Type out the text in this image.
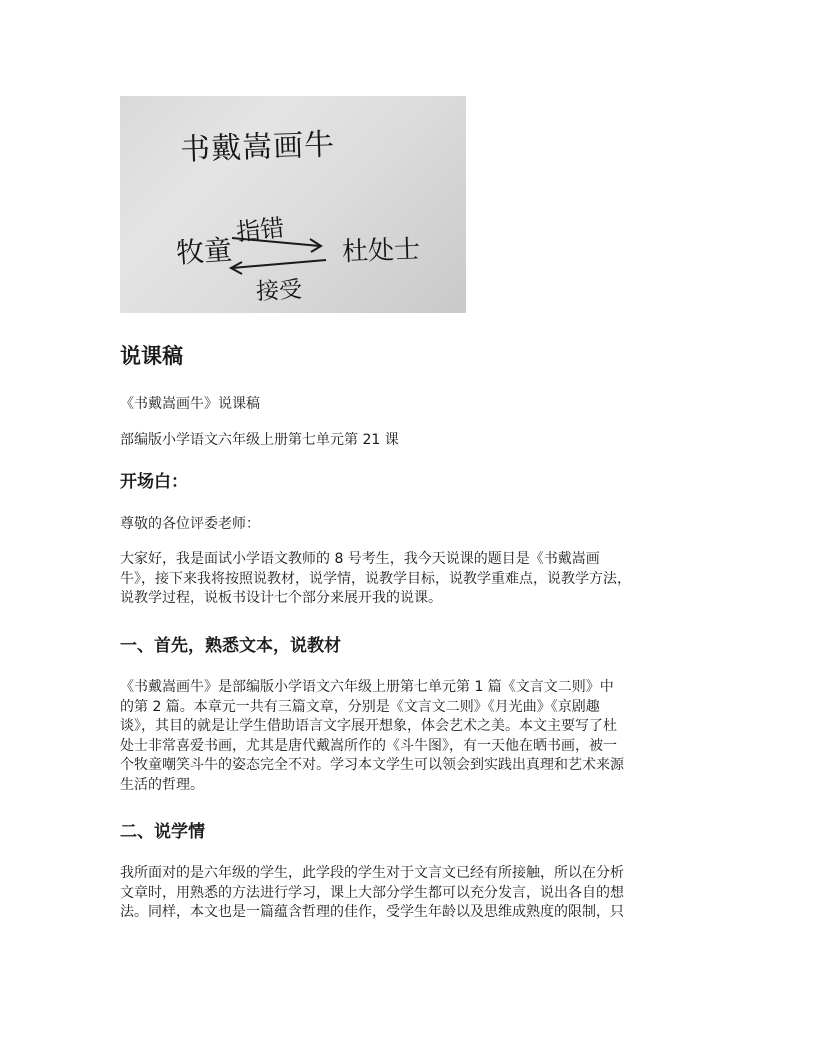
书戴嵩画牛
牧童
指错
接受
杜处士
说课稿

《书戴嵩画牛》说课稿

部编版小学语文六年级上册第七单元第 21 课

开场白：

尊敬的各位评委老师：

大家好，我是面试小学语文教师的 8 号考生，我今天说课的题目是《书戴嵩画
牛》，接下来我将按照说教材，说学情，说教学目标，说教学重难点，说教学方法，
说教学过程，说板书设计七个部分来展开我的说课。
一、首先，熟悉文本，说教材
《书戴嵩画牛》是部编版小学语文六年级上册第七单元第 1 篇《文言文二则》中
的第 2 篇。本章元一共有三篇文章，分别是《文言文二则》《月光曲》《京剧趣
谈》，其目的就是让学生借助语言文字展开想象，体会艺术之美。本文主要写了杜
处士非常喜爱书画，尤其是唐代戴嵩所作的《斗牛图》，有一天他在晒书画，被一
个牧童嘲笑斗牛的姿态完全不对。学习本文学生可以领会到实践出真理和艺术来源
生活的哲理。
二、说学情
我所面对的是六年级的学生，此学段的学生对于文言文已经有所接触，所以在分析
文章时，用熟悉的方法进行学习，课上大部分学生都可以充分发言，说出各自的想
法。同样，本文也是一篇蕴含哲理的佳作，受学生年龄以及思维成熟度的限制，只
